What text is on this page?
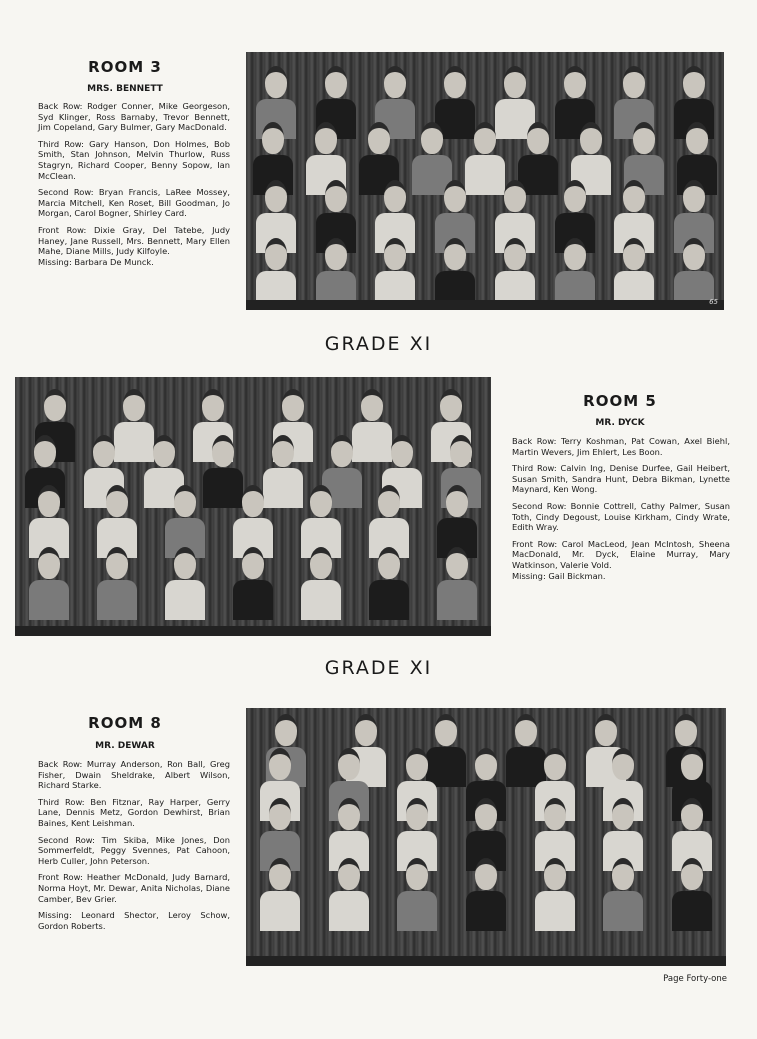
ROOM 3
MRS. BENNETT

Back Row: Rodger Conner, Mike Georgeson, Syd Klinger, Ross Barnaby, Trevor Bennett, Jim Copeland, Gary Bulmer, Gary MacDonald.

Third Row: Gary Hanson, Don Holmes, Bob Smith, Stan Johnson, Melvin Thurlow, Russ Stagryn, Richard Cooper, Benny Sopow, Ian McClean.

Second Row: Bryan Francis, LaRee Mossey, Marcia Mitchell, Ken Roset, Bill Goodman, Jo Morgan, Carol Bogner, Shirley Card.

Front Row: Dixie Gray, Del Tatebe, Judy Haney, Jane Russell, Mrs. Bennett, Mary Ellen Mahe, Diane Mills, Judy Kilfoyle.

Missing: Barbara De Munck.

65
GRADE XI
ROOM 5
MR. DYCK

Back Row: Terry Koshman, Pat Cowan, Axel Biehl, Martin Wevers, Jim Ehlert, Les Boon.

Third Row: Calvin Ing, Denise Durfee, Gail Heibert, Susan Smith, Sandra Hunt, Debra Bikman, Lynette Maynard, Ken Wong.

Second Row: Bonnie Cottrell, Cathy Palmer, Susan Toth, Cindy Degoust, Louise Kirkham, Cindy Wrate, Edith Wray.

Front Row: Carol MacLeod, Jean McIntosh, Sheena MacDonald, Mr. Dyck, Elaine Murray, Mary Watkinson, Valerie Vold.

Missing: Gail Bickman.

GRADE XI
ROOM 8
MR. DEWAR

Back Row: Murray Anderson, Ron Ball, Greg Fisher, Dwain Sheldrake, Albert Wilson, Richard Starke.

Third Row: Ben Fitznar, Ray Harper, Gerry Lane, Dennis Metz, Gordon Dewhirst, Brian Baines, Kent Leishman.

Second Row: Tim Skiba, Mike Jones, Don Sommerfeldt, Peggy Svennes, Pat Cahoon, Herb Culler, John Peterson.

Front Row: Heather McDonald, Judy Barnard, Norma Hoyt, Mr. Dewar, Anita Nicholas, Diane Camber, Bev Grier.

Missing: Leonard Shector, Leroy Schow, Gordon Roberts.

Page Forty-one
